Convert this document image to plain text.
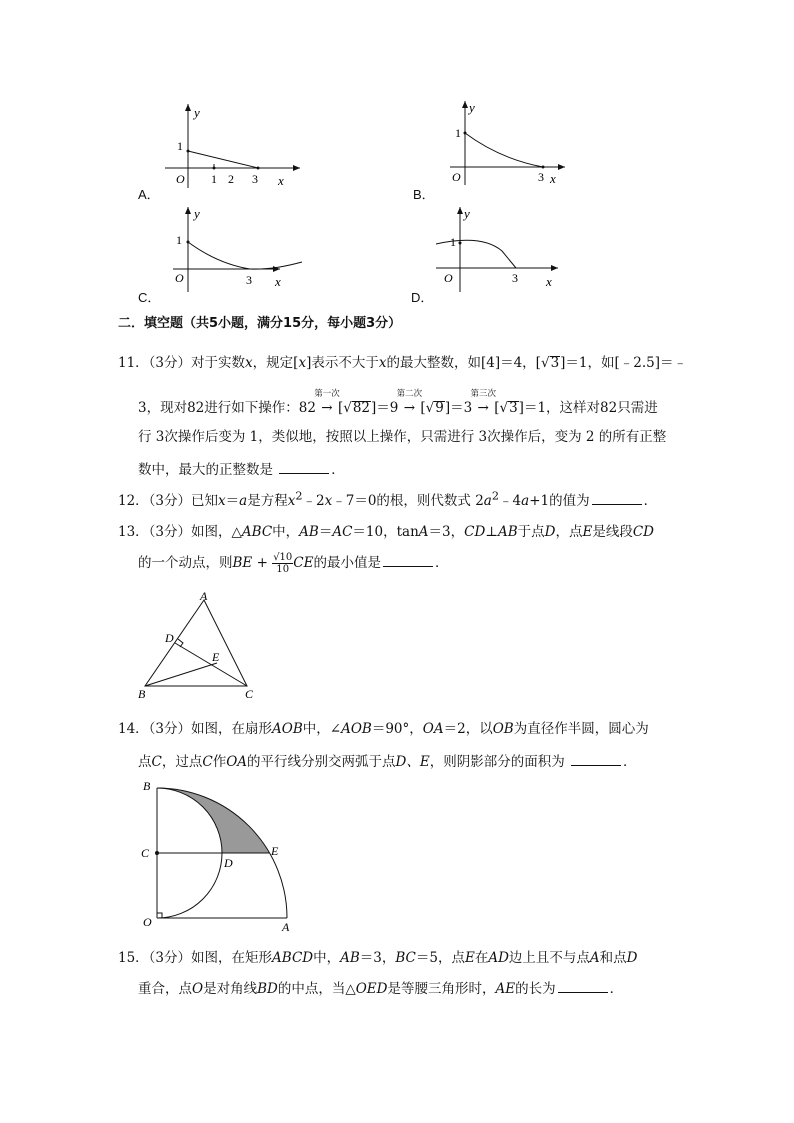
y
1
O 1 2 3 x
A．
y
1
O	3 x
B．
y
1
O	3 x
C．
y
1
O	3 x
D．
二．填空题（共5小题，满分15分，每小题3分）
11．（3分）对于实数x，规定[x]表示不大于x的最大整数，如[4]＝4，[√3]＝1，如[﹣2.5]＝﹣
3，现对82进行如下操作：82
第一次
→ [√82]＝9
第二次
→ [√9]＝3
第三次
→ [√3]＝1，这样对82只需进
行 3次操作后变为 1，类似地，按照以上操作，只需进行 3次操作后，变为 2 的所有正整
数中，最大的正整数是	．
12．（3分）已知x＝a是方程$x^2﹣2x﹣7=0$的根，则代数式 $2a^2﹣4a+1$的值为	．
13．（3分）如图，△ABC中，AB＝AC＝10，tanA＝3，CD⊥AB于点D，点E是线段CD
的一个动点，则BE + $\frac{√10}{10}CE$的最小值是	．
A
D
E
B	C
14．（3分）如图，在扇形AOB中，∠AOB＝90°，OA＝2，以OB为直径作半圆，圆心为
点C，过点C作OA的平行线分别交两弧于点D、E，则阴影部分的面积为	．
B
C
D
E
O	A
15．（3分）如图，在矩形ABCD中，AB＝3，BC＝5，点E在AD边上且不与点A和点D
重合，点O是对角线BD的中点，当△OED是等腰三角形时，AE的长为	．
